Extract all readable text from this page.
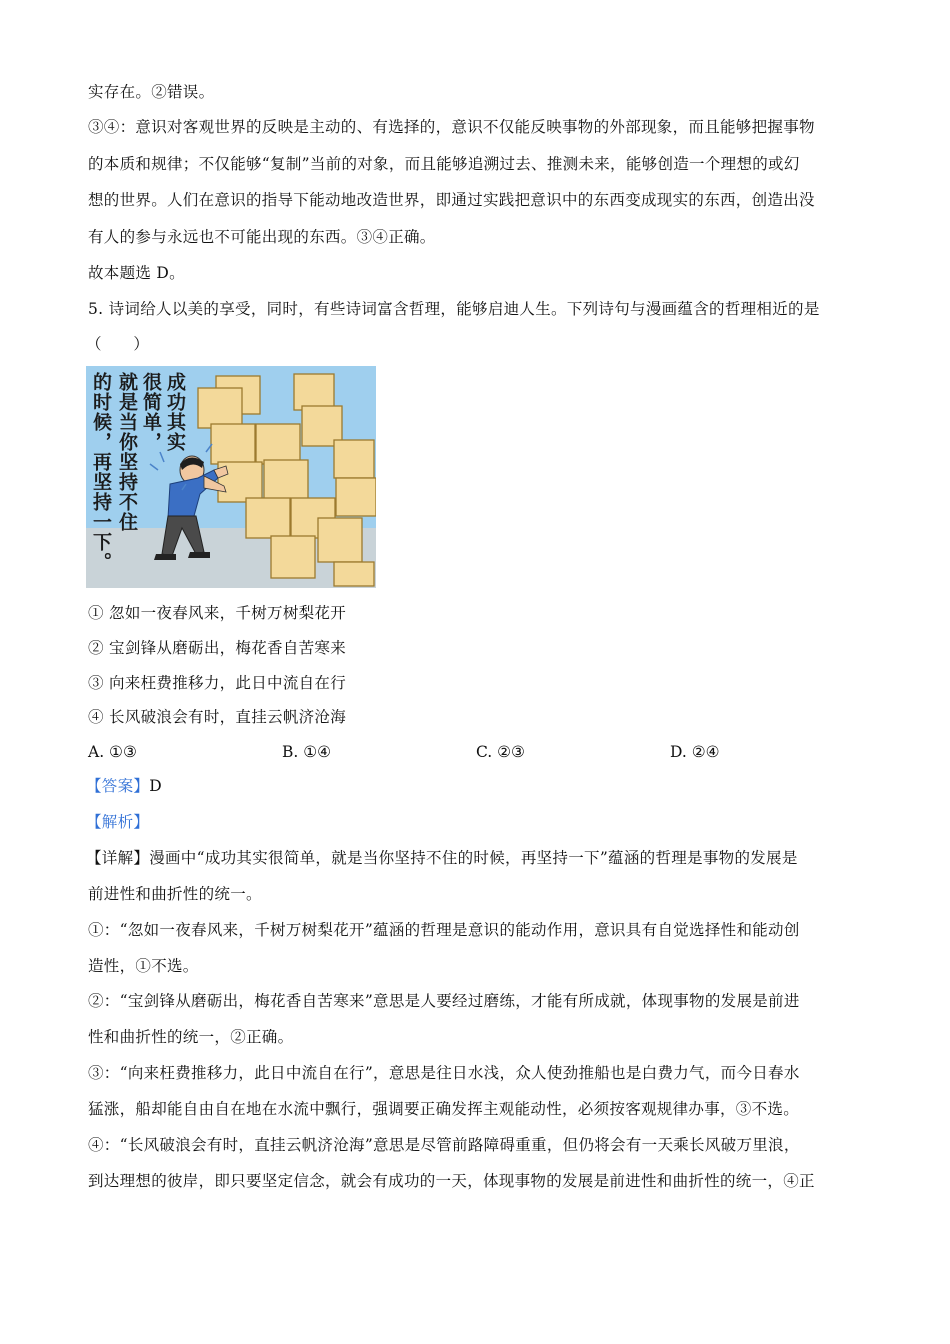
实存在。②错误。
③④：意识对客观世界的反映是主动的、有选择的，意识不仅能反映事物的外部现象，而且能够把握事物
的本质和规律；不仅能够“复制”当前的对象，而且能够追溯过去、推测未来，能够创造一个理想的或幻
想的世界。人们在意识的指导下能动地改造世界，即通过实践把意识中的东西变成现实的东西，创造出没
有人的参与永远也不可能出现的东西。③④正确。
故本题选 D。
5. 诗词给人以美的享受，同时，有些诗词富含哲理，能够启迪人生。下列诗句与漫画蕴含的哲理相近的是
（　　）
成功其实
很简单，
就是当你坚持不住
的时候，再坚持一下。
① 忽如一夜春风来，千树万树梨花开
② 宝剑锋从磨砺出，梅花香自苦寒来
③ 向来枉费推移力，此日中流自在行
④ 长风破浪会有时，直挂云帆济沧海
A. ①③	B. ①④	C. ②③	D. ②④
【答案】D
【解析】
【详解】漫画中“成功其实很简单，就是当你坚持不住的时候，再坚持一下”蕴涵的哲理是事物的发展是
前进性和曲折性的统一。
①：“忽如一夜春风来，千树万树梨花开”蕴涵的哲理是意识的能动作用，意识具有自觉选择性和能动创
造性，①不选。
②：“宝剑锋从磨砺出，梅花香自苦寒来”意思是人要经过磨练，才能有所成就，体现事物的发展是前进
性和曲折性的统一，②正确。
③：“向来枉费推移力，此日中流自在行”，意思是往日水浅，众人使劲推船也是白费力气，而今日春水
猛涨，船却能自由自在地在水流中飘行，强调要正确发挥主观能动性，必须按客观规律办事，③不选。
④：“长风破浪会有时，直挂云帆济沧海”意思是尽管前路障碍重重，但仍将会有一天乘长风破万里浪，
到达理想的彼岸，即只要坚定信念，就会有成功的一天，体现事物的发展是前进性和曲折性的统一，④正
